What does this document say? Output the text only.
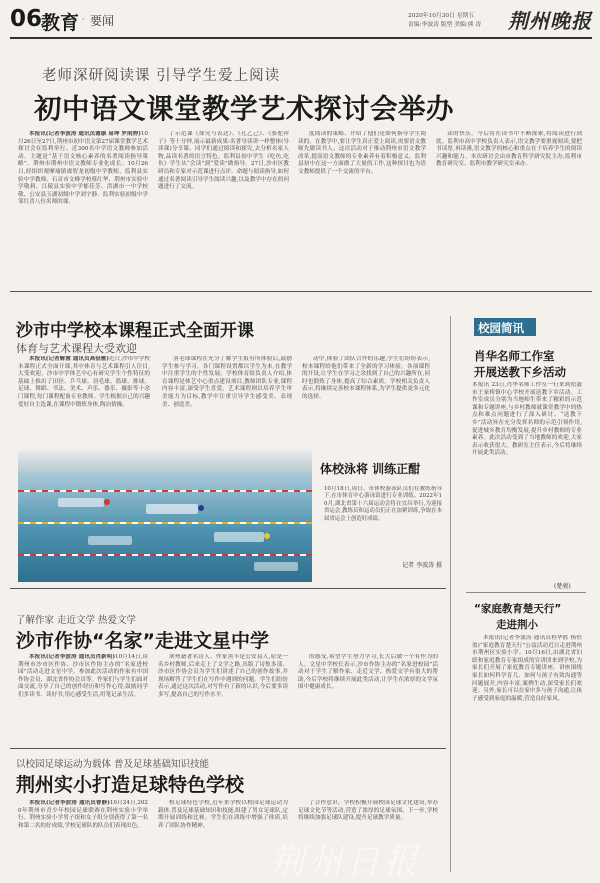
06
教育 · 要闻	2020年10月30日 星期五
责编:李波涛 版型 美编:熊 涛 荆州晚报
老师深研阅读课 引导学生爱上阅读
初中语文课堂教学艺术探讨会举办

本报讯(记者李波涛 通讯员谢康 易坤 罗雨婷)10月26日至27日,荆州市初中语文第27届课堂教学艺术探讨会在监利举行。近300名中学语文教师参加活动。主题是“基于语文核心素养的名著阅读指导策略”。荆州市荆州中语文教师专业化成长。10月26日,经组织观摩瑜镇虞智龙初级中学教师、监利县实验中学教师、石首市文峰学校蔡红华、荆州市实验中学敬莉、江陵县实验中学郁佳芳、洪湖市一中学校敬、公安县玉湖初级中学刘宇静、监利实验初级中学邹红喜八位名师的课。

了示范课《探究与表达》、《孔乙己》、《骆驼祥子》等十分钟,展示最新成果:名著导读讲一样整体(导读课)分享课。同学们通过阅读和探究,去分析名家人物,品读名著的语言特色。监利县初中学生《吃鱼,吃鱼》学生从“会读”到“爱读”做指导。27日,沙市区教研员和专家对示范课进行点评。命题与阅读指导,如何通过名著阅读引导学生阅读兴趣,以及教学中存在的问题进行了交流。

度阅读的策略、介绍了他们是如何指导学生阅读的。在教学中,要让学生真正爱上阅读,需要语文教师先做读书人。这次活动对于推动荆州市语文教学改革,提高语文教师的专业素养有着积极意义。监利县初中在这一方面做了大量的工作,这种探讨也为语文教师提供了一个交流的平台。

读的快乐。今后将在读书中不断探索,将阅读进行到底。监利市高中学校负责人表示,语文教学要重视阅读,要把书读厚,再读薄,语文教学的核心和重点在于培养学生的阅读兴趣和能力。本次研讨会由市教育科学研究院主办,监利市教育研究室、监利市教学研究室承办。

沙市中学校本课程正式全面开课
体育与艺术课程大受欢迎

本报讯(记者解慧 通讯员高俭雅)近日,沙市中学校本课程正式全面开课,其中体育与艺术课程引人注目,大受欢迎。沙市中学体艺中心有研究学生个性特征的基础上推出了田径、乒乓球、羽毛球、篮球、排球、足球、舞蹈、书法、美术、声乐、器乐、摄影等十余门课程,每门课程配备专业教师。学生根据自己的兴趣爱好自主选课,在课程中锻炼身体,陶冶情操。

羽毛球课程在充分了解学生报有所体验后,鼓励学生参与学习。各门课程设置都以学生为本,在教学中注重学生的个性发展。学校体育组负责人介绍,体育课程是体艺中心重点建设项目,教师团队专业,课程内容丰富,深受学生喜爱。艺术课程则以培养学生审美能力为目标,教学中注重引导学生感受美、表现美、创造美。

动中,体验了团队合作的乐趣,学生们纷纷表示,校本课程给他们带来了全新的学习体验。各项课程的开设,让学生在学习之余找到了自己的兴趣所在,同时也锻炼了身体,提高了综合素质。学校相关负责人表示,将继续完善校本课程体系,为学生提供更多元化的选择。

体校泳将 训练正酣
10月18日,周日。市体校游泳队员们在教练指导下,在市体育中心游泳馆进行专业训练。2022年10月,湖北省第十六届运动会将在宜昌举行,为迎接省运会,教练员和运动员们正在加紧训练,争取在本届省运会上创造好成绩。
记者 李波涛 摄
校园简讯
肖华名师工作室
开展送教下乡活动
本报讯 23日,肖华名师工作室一行来到松滋市王家桥镇中心学校开展送教下乡活动。工作室成员分别为当地师生带来了精彩的示范课和专题讲座,与乡村教师就课堂教学中的热点和难点问题进行了深入研讨。“送教下乡”活动旨在充分发挥名师的示范引领作用,促进城乡教育均衡发展,提升乡村教师的专业素养。此次活动受到了当地教师的欢迎,大家表示收获很大。教研室主任表示,今后将继续开展此类活动。
(楚骏)
“家庭教育楚天行”
走进荆小

本报讯(记者李波涛 通讯员程华胜 杨恒盈)“家庭教育楚天行”公益活动近日走进荆州市荆州区实验小学。10月16日,由湖北省妇联和家庭教育专家组成的宣讲团来到学校,为家长们开展了家庭教育专题讲座。讲座围绕家长如何科学育儿、如何与孩子有效沟通等问题展开,内容丰富,案例生动,深受家长们欢迎。另外,家长可以在家中多与孩子沟通,让孩子感受到家庭的温暖,营造良好家风。

了解作家 走近文学 热爱文学
沙市作协“名家”走进文星中学

本报讯(记者李波涛 通讯员肖新明)10月14日,由荆州市沙市区作协、沙市区作协主办的“名家进校园”活动走进文星中学。参加此次活动的作家有中国作协会员、湖北省作协会员等。作家们与学生们面对面交流,分享了自己的创作经历和写作心得,鼓励同学们多读书、读好书,用心感受生活,用笔记录生活。

荆州籍著名诗人、作家黑丰是公安县人,原是一名乡村教师,后来走上了文学之路,出版了诗集多部。沙市区作协会员为学生们讲述了自己的创作故事,并现场解答了学生们在写作中遇到的问题。学生们纷纷表示,通过这次活动,对写作有了新的认识,今后要多读多写,提高自己的写作水平。

的感受,希望学生努力学习,长大后做一个有作为的人。文星中学校长表示,沙市作协主办的“名家进校园”活动对于学生了解作家、走近文学、热爱文学有很大的帮助,今后学校将继续开展此类活动,让学生在浓厚的文学氛围中健康成长。

以校园足球运动为载体 普及足球基础知识技能
荆州实小打造足球特色学校

本报讯(记者李波涛 通讯员曹静)10月24日,2020年荆州市青少年校园足球联赛在荆州实验小学举行。荆州实验小学男子组和女子组分别获得了第一名和第二名的好成绩,学校足球队的队员们表现出色。

校足球特色学校,近年来学校以校园足球运动为载体,普及足球基础知识和技能,组建了男女足球队,定期开展训练和比赛。学生们在训练中增强了体质,培养了团队协作精神。

了合作意识。学校积极开展校园足球文化建设,举办足球文化节等活动,营造了浓厚的足球氛围。下一步,学校将继续加强足球队建设,提升足球教学质量。

荆州日报
